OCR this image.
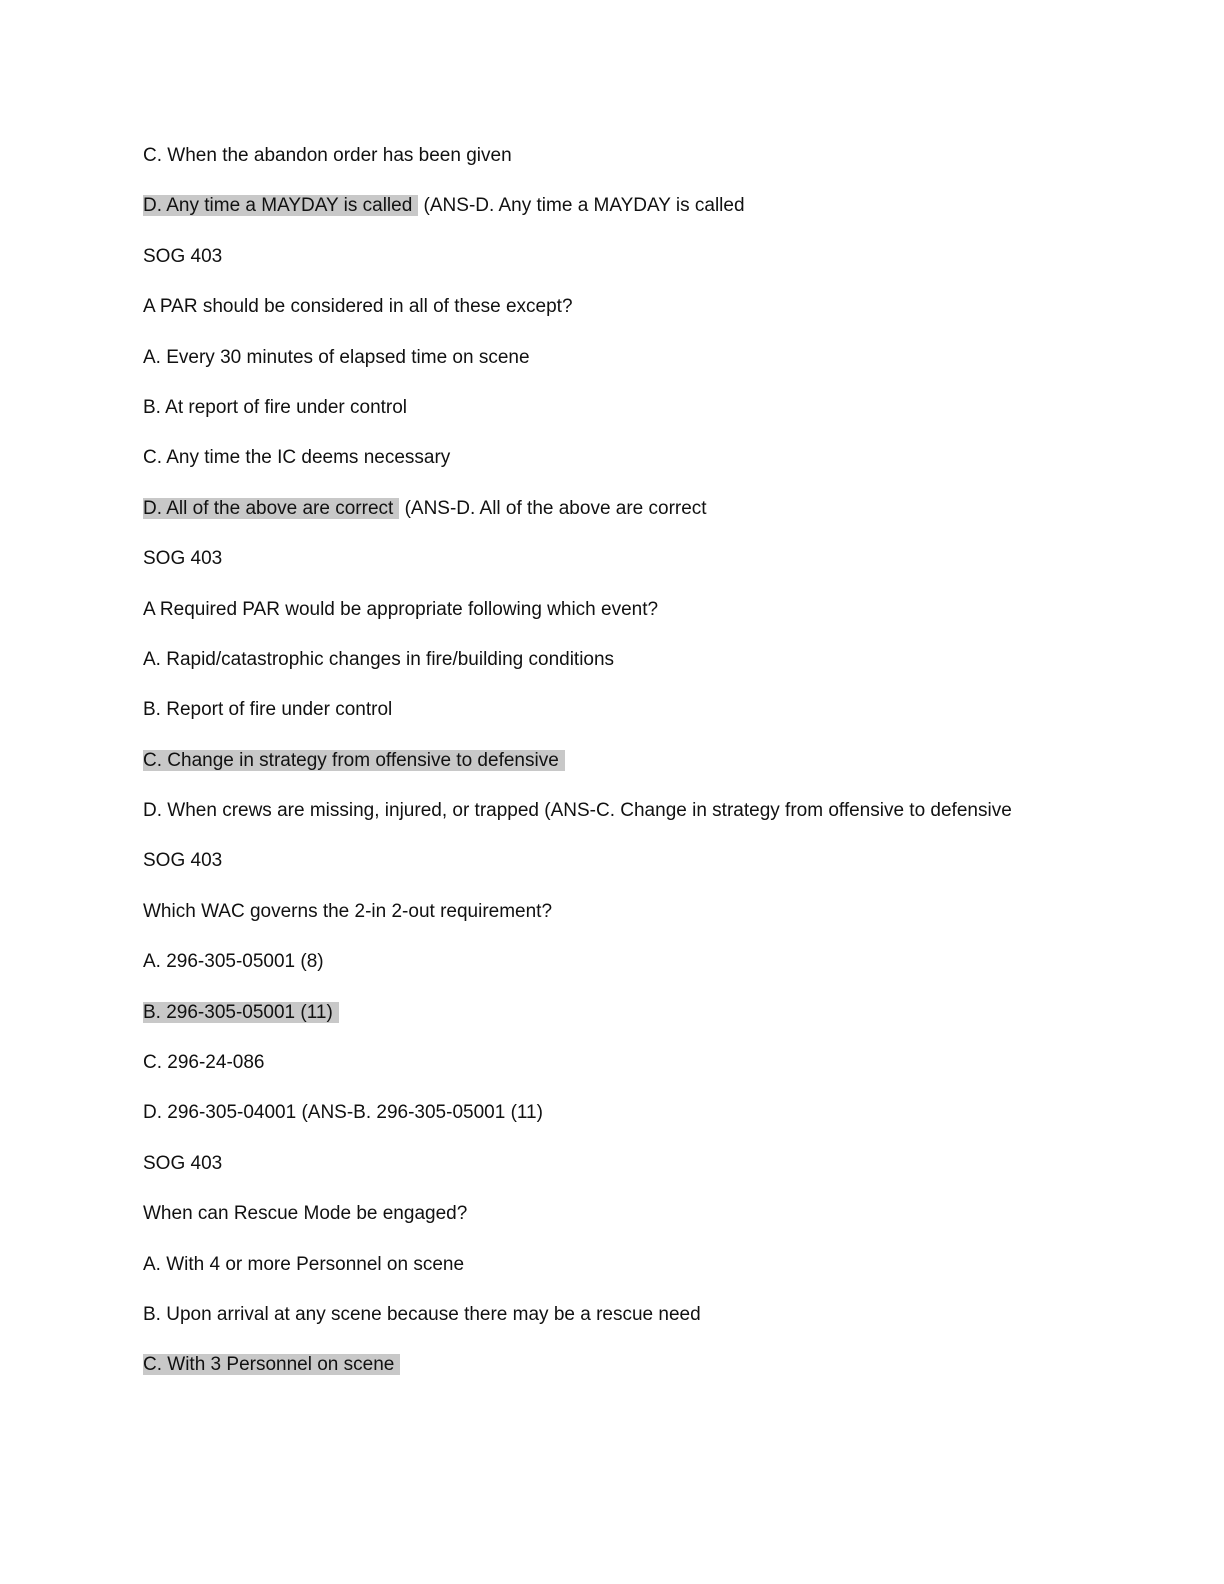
C. When the abandon order has been given
D. Any time a MAYDAY is called (ANS-D. Any time a MAYDAY is called
SOG 403
A PAR should be considered in all of these except?
A. Every 30 minutes of elapsed time on scene
B. At report of fire under control
C. Any time the IC deems necessary
D. All of the above are correct (ANS-D. All of the above are correct
SOG 403
A Required PAR would be appropriate following which event?
A. Rapid/catastrophic changes in fire/building conditions
B. Report of fire under control
C. Change in strategy from offensive to defensive
D. When crews are missing, injured, or trapped (ANS-C. Change in strategy from offensive to defensive
SOG 403
Which WAC governs the 2-in 2-out requirement?
A. 296-305-05001 (8)
B. 296-305-05001 (11)
C. 296-24-086
D. 296-305-04001 (ANS-B. 296-305-05001 (11)
SOG 403
When can Rescue Mode be engaged?
A. With 4 or more Personnel on scene
B. Upon arrival at any scene because there may be a rescue need
C. With 3 Personnel on scene
